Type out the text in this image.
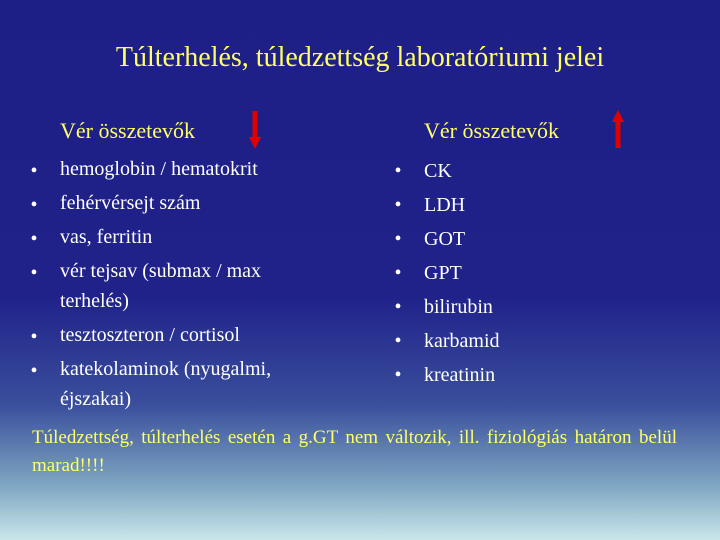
Túlterhelés, túledzettség laboratóriumi jelei
Vér összetevők	Vér összetevők
• hemoglobin / hematokrit
• fehérvérsejt szám
• vas, ferritin
• vér tejsav (submax / max terhelés)
• tesztoszteron / cortisol
• katekolaminok (nyugalmi, éjszakai)
• CK
• LDH
• GOT
• GPT
• bilirubin
• karbamid
• kreatinin
Túledzettség, túlterhelés esetén a g.GT nem változik, ill. fiziológiás határon belül marad!!!!
